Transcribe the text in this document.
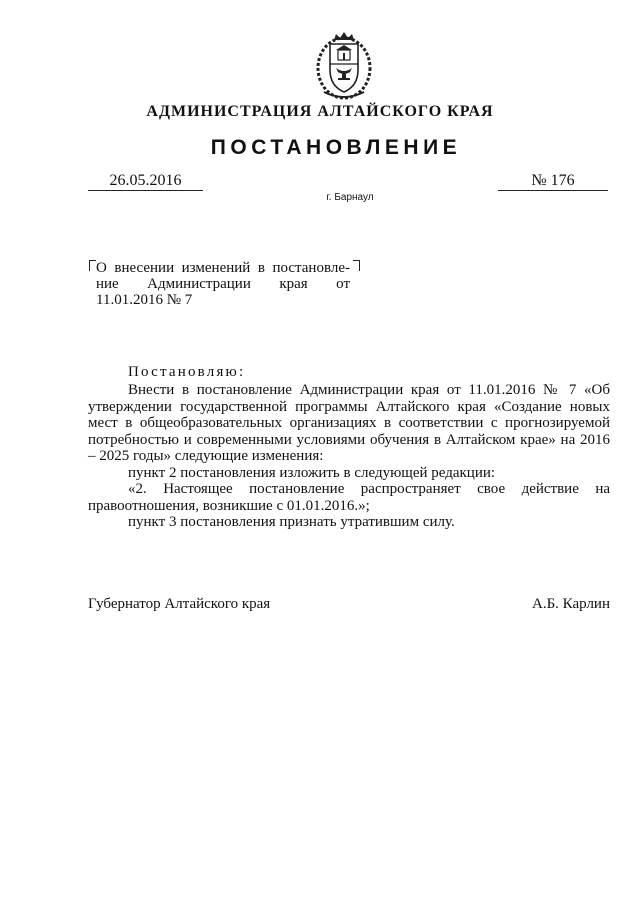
АДМИНИСТРАЦИЯ АЛТАЙСКОГО КРАЯ
ПОСТАНОВЛЕНИЕ
26.05.2016	№ 176
г. Барнаул
О внесении изменений в постановле-
ние Администрации края от
11.01.2016 № 7
Постановляю:

Внести в постановление Администрации края от 11.01.2016 № 7 «Об утверждении государственной программы Алтайского края «Создание новых мест в общеобразовательных организациях в соответствии с прогнозируемой потребностью и современными условиями обучения в Алтайском крае» на 2016 – 2025 годы» следующие изменения:

пункт 2 постановления изложить в следующей редакции:

«2. Настоящее постановление распространяет свое действие на правоотношения, возникшие с 01.01.2016.»;

пункт 3 постановления признать утратившим силу.

Губернатор Алтайского края	А.Б. Карлин
